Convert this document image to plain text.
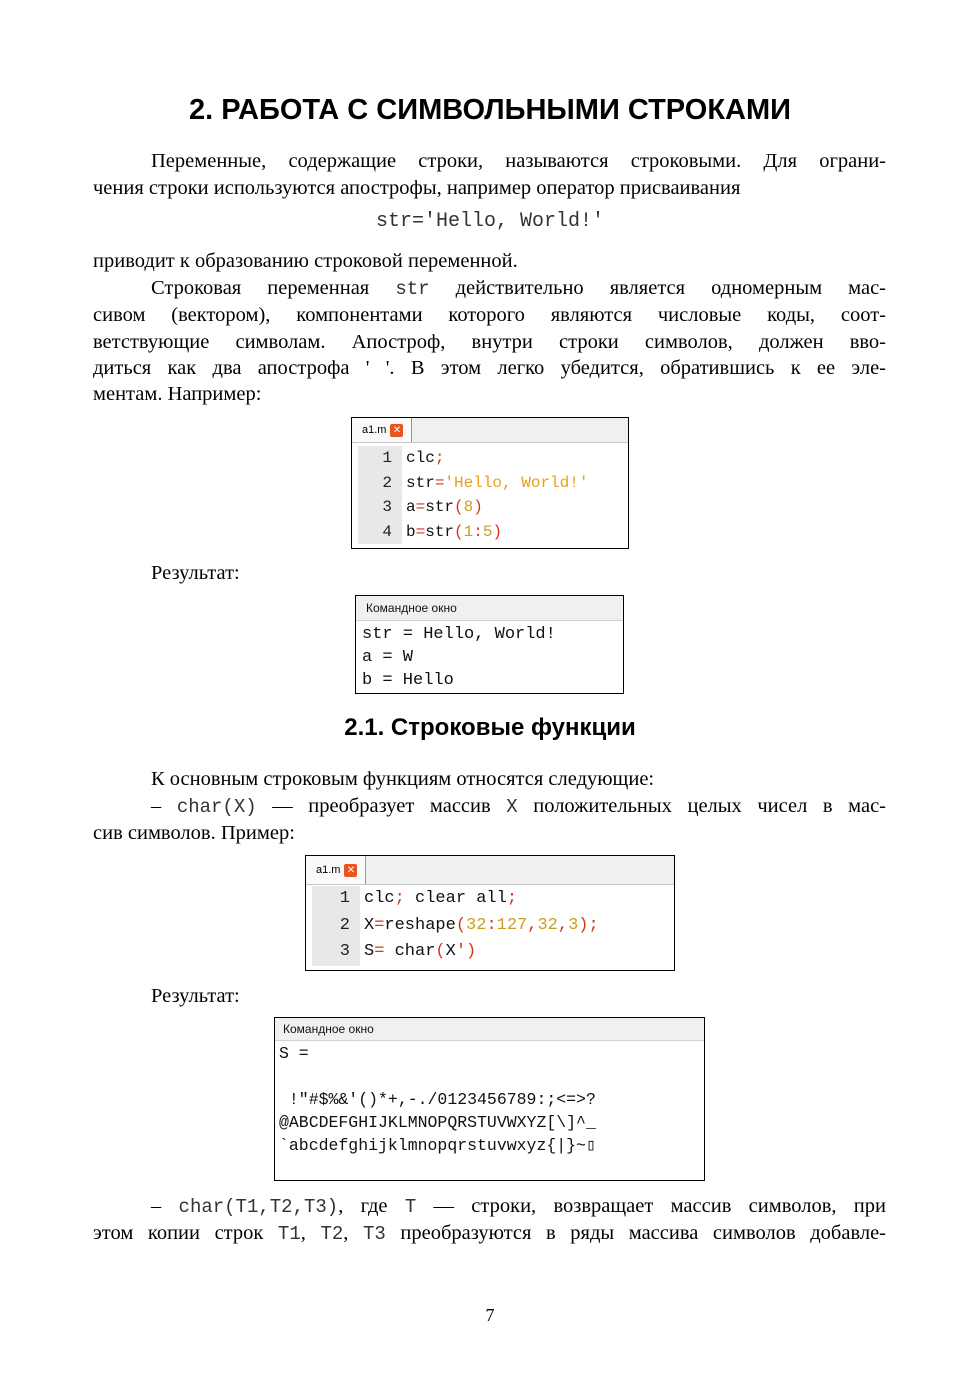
2. РАБОТА С СИМВОЛЬНЫМИ СТРОКАМИ
Переменные, содержащие строки, называются строковыми. Для ограни-
чения строки используются апострофы, например оператор присваивания
str='Hello, World!'
приводит к образованию строковой переменной.
Строковая переменная str действительно является одномерным мас-
сивом (вектором), компонентами которого являются числовые коды, соот-
ветствующие символам. Апостроф, внутри строки символов, должен вво-
диться как два апострофа ' '. В этом легко убедится, обратившись к ее эле-
ментам. Например:
a1.m ✕
1
2
3
4
clc;
str='Hello, World!'
a=str(8)
b=str(1:5)
Результат:
Командное окно
str = Hello, World!
a = W
b = Hello
2.1. Строковые функции
К основным строковым функциям относятся следующие:
– char(X) — преобразует массив X положительных целых чисел в мас-
сив символов. Пример:
a1.m ✕
1
2
3
clc; clear all;
X=reshape(32:127,32,3);
S= char(X')
Результат:
Командное окно
S =

!"#$%&'()*+,-./0123456789:;<=>?
@ABCDEFGHIJKLMNOPQRSTUVWXYZ[\]^_
`abcdefghijklmnopqrstuvwxyz{|}~▯
– char(T1,T2,T3), где T — строки, возвращает массив символов, при
этом копии строк T1, T2, T3 преобразуются в ряды массива символов добавле-
7
